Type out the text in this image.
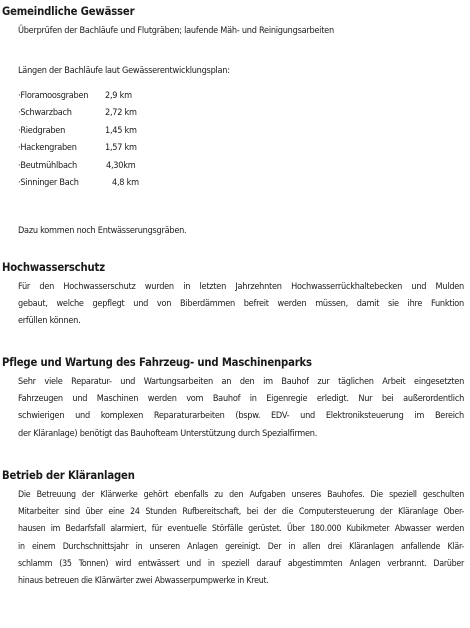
Gemeindliche Gewässer
Überprüfen der Bachläufe und Flutgräben; laufende Mäh- und Reinigungsarbeiten
Längen der Bachläufe laut Gewässerentwicklungsplan:
·Floramoosgraben 2,9 km
·Schwarzbach	2,72 km
·Riedgraben	1,45 km
·Hackengraben	1,57 km
·Beutmühlbach	4,30km
·Sinninger Bach	4,8 km
Dazu kommen noch Entwässerungsgräben.
Hochwasserschutz
Für den Hochwasserschutz wurden in letzten Jahrzehnten Hochwasserrückhaltebecken und Mulden
gebaut, welche gepflegt und von Biberdämmen befreit werden müssen, damit sie ihre Funktion
erfüllen können.
Pflege und Wartung des Fahrzeug- und Maschinenparks
Sehr viele Reparatur- und Wartungsarbeiten an den im Bauhof zur täglichen Arbeit eingesetzten
Fahrzeugen und Maschinen werden vom Bauhof in Eigenregie erledigt. Nur bei außerordentlich
schwierigen und komplexen Reparaturarbeiten (bspw. EDV- und Elektroniksteuerung im Bereich
der Kläranlage) benötigt das Bauhofteam Unterstützung durch Spezialfirmen.
Betrieb der Kläranlagen
Die Betreuung der Klärwerke gehört ebenfalls zu den Aufgaben unseres Bauhofes. Die speziell geschulten
Mitarbeiter sind über eine 24 Stunden Rufbereitschaft, bei der die Computersteuerung der Kläranlage Ober-
hausen im Bedarfsfall alarmiert, für eventuelle Störfälle gerüstet. Über 180.000 Kubikmeter Abwasser werden
in einem Durchschnittsjahr in unseren Anlagen gereinigt. Der in allen drei Kläranlagen anfallende Klär-
schlamm (35 Tonnen) wird entwässert und in speziell darauf abgestimmten Anlagen verbrannt. Darüber
hinaus betreuen die Klärwärter zwei Abwasserpumpwerke in Kreut.
